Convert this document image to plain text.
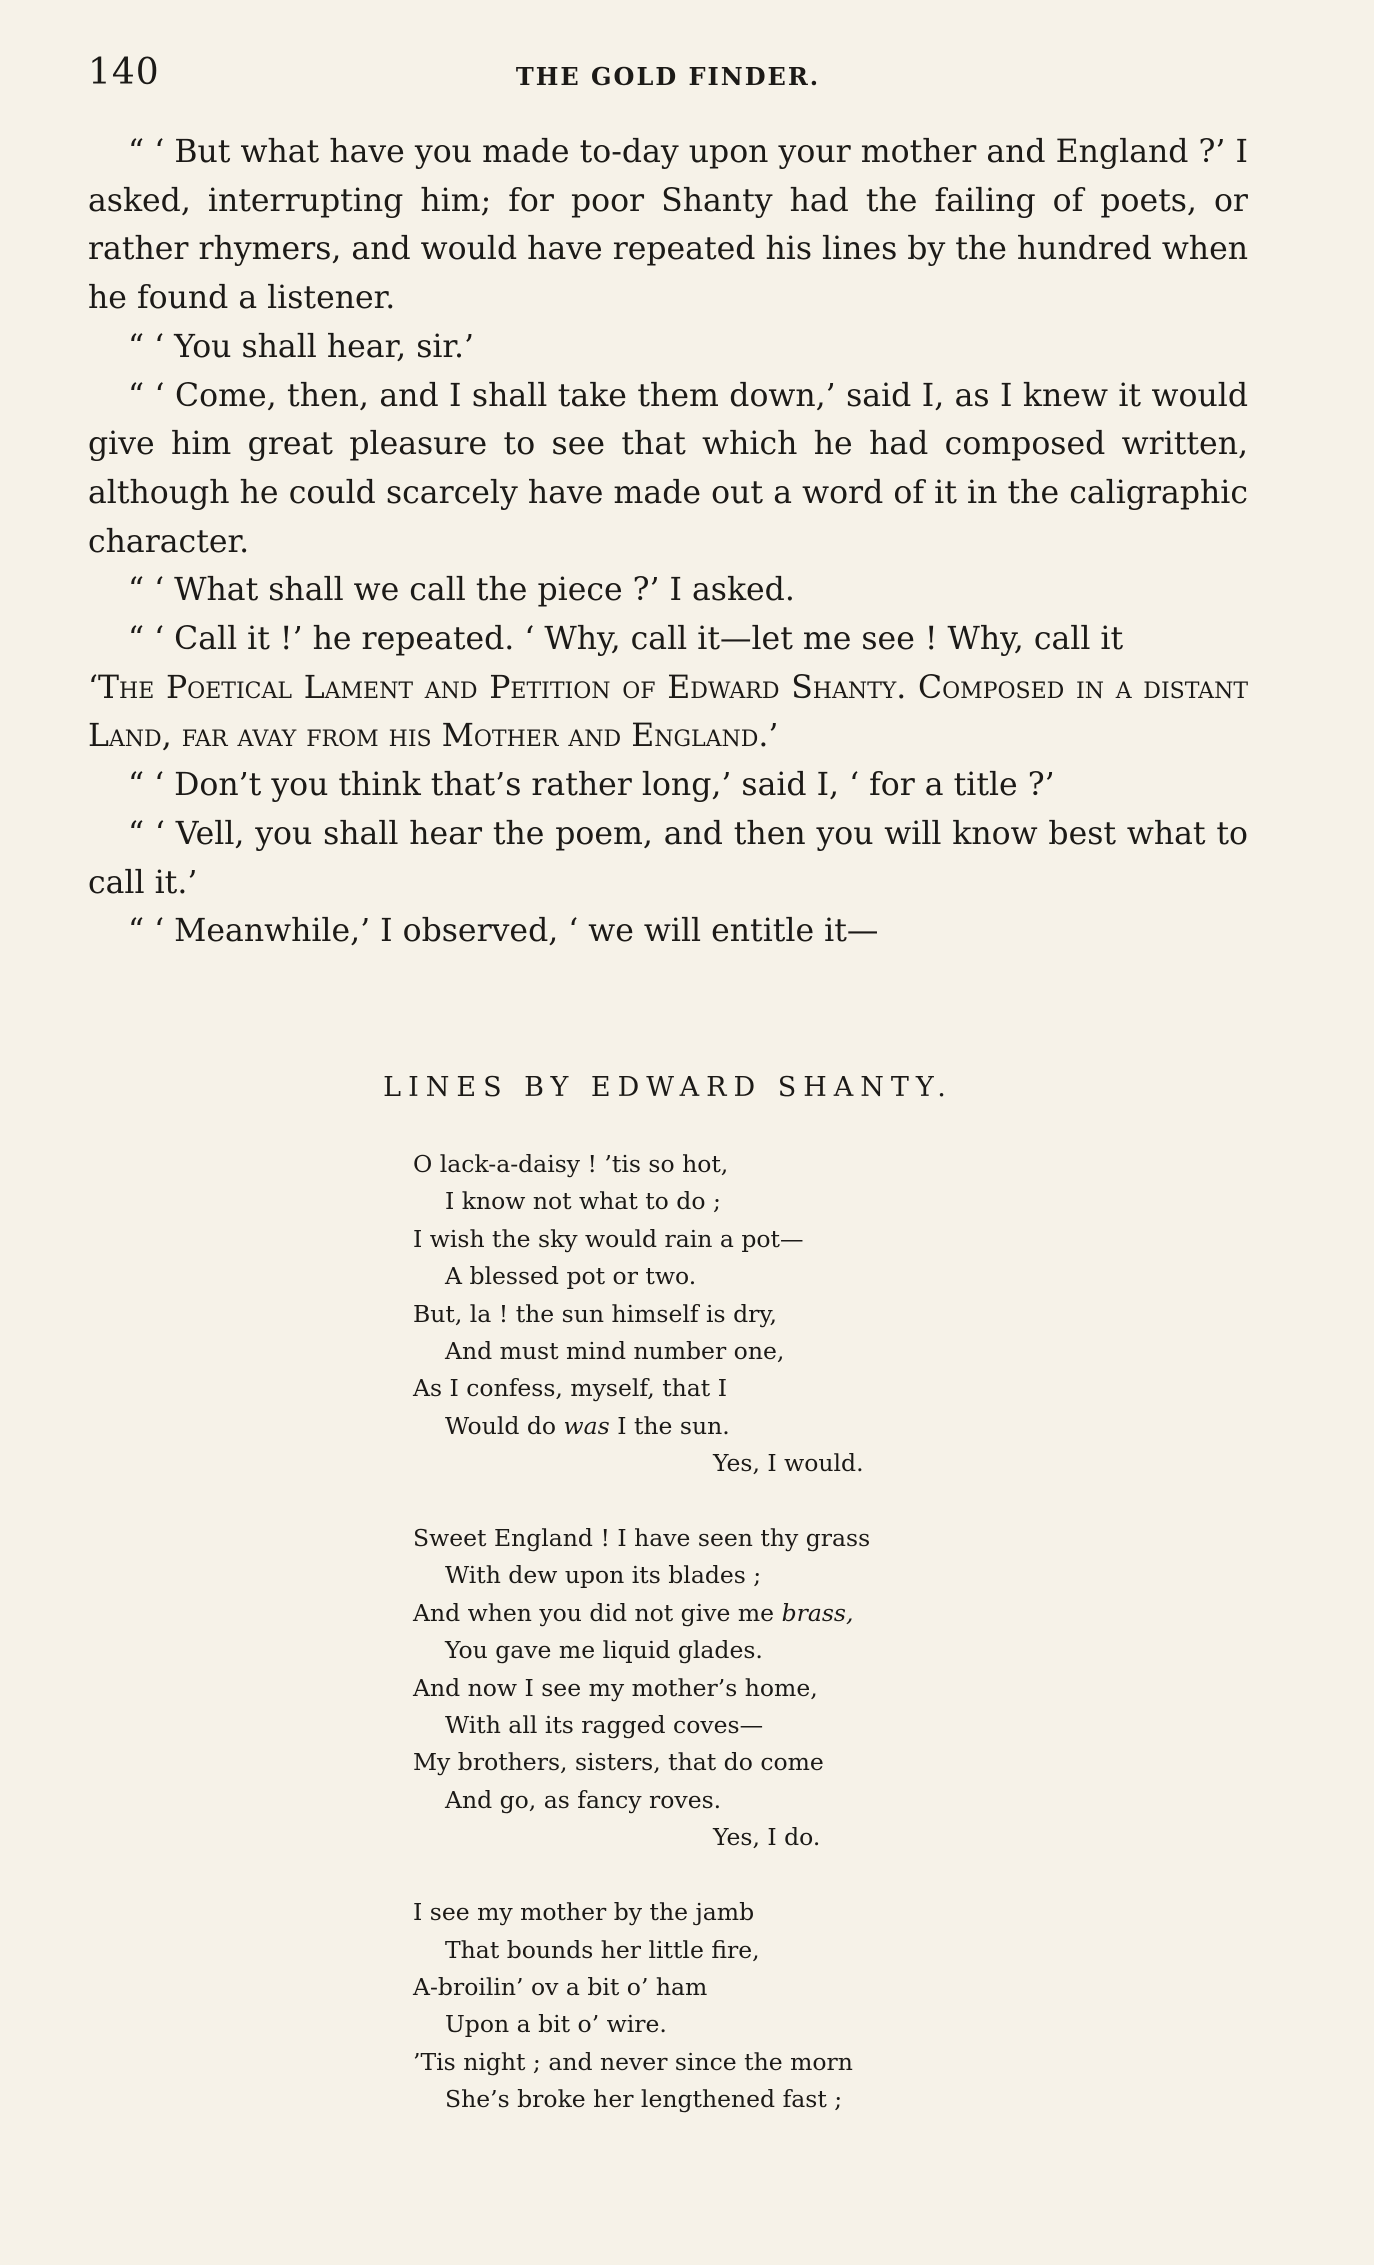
140	THE GOLD FINDER.

“ ‘ But what have you made to-day upon your mother and England ?’ I asked, interrupting him; for poor Shanty had the failing of poets, or rather rhymers, and would have repeated his lines by the hundred when he found a listener.

“ ‘ You shall hear, sir.’

“ ‘ Come, then, and I shall take them down,’ said I, as I knew it would give him great pleasure to see that which he had composed written, although he could scarcely have made out a word of it in the caligraphic character.

“ ‘ What shall we call the piece ?’ I asked.

“ ‘ Call it !’ he repeated. ‘ Why, call it—let me see ! Why, call it

‘The Poetical Lament and Petition of Edward Shanty. Composed in a distant Land, far avay from his Mother and England.’

“ ‘ Don’t you think that’s rather long,’ said I, ‘ for a title ?’

“ ‘ Vell, you shall hear the poem, and then you will know best what to call it.’

“ ‘ Meanwhile,’ I observed, ‘ we will entitle it—

LINES BY EDWARD SHANTY.
O lack-a-daisy ! ’tis so hot,
I know not what to do ;
I wish the sky would rain a pot—
A blessed pot or two.
But, la ! the sun himself is dry,
And must mind number one,
As I confess, myself, that I
Would do was I the sun.
Yes, I would.
Sweet England ! I have seen thy grass
With dew upon its blades ;
And when you did not give me brass,
You gave me liquid glades.
And now I see my mother’s home,
With all its ragged coves—
My brothers, sisters, that do come
And go, as fancy roves.
Yes, I do.
I see my mother by the jamb
That bounds her little fire,
A-broilin’ ov a bit o’ ham
Upon a bit o’ wire.
’Tis night ; and never since the morn
She’s broke her lengthened fast ;
